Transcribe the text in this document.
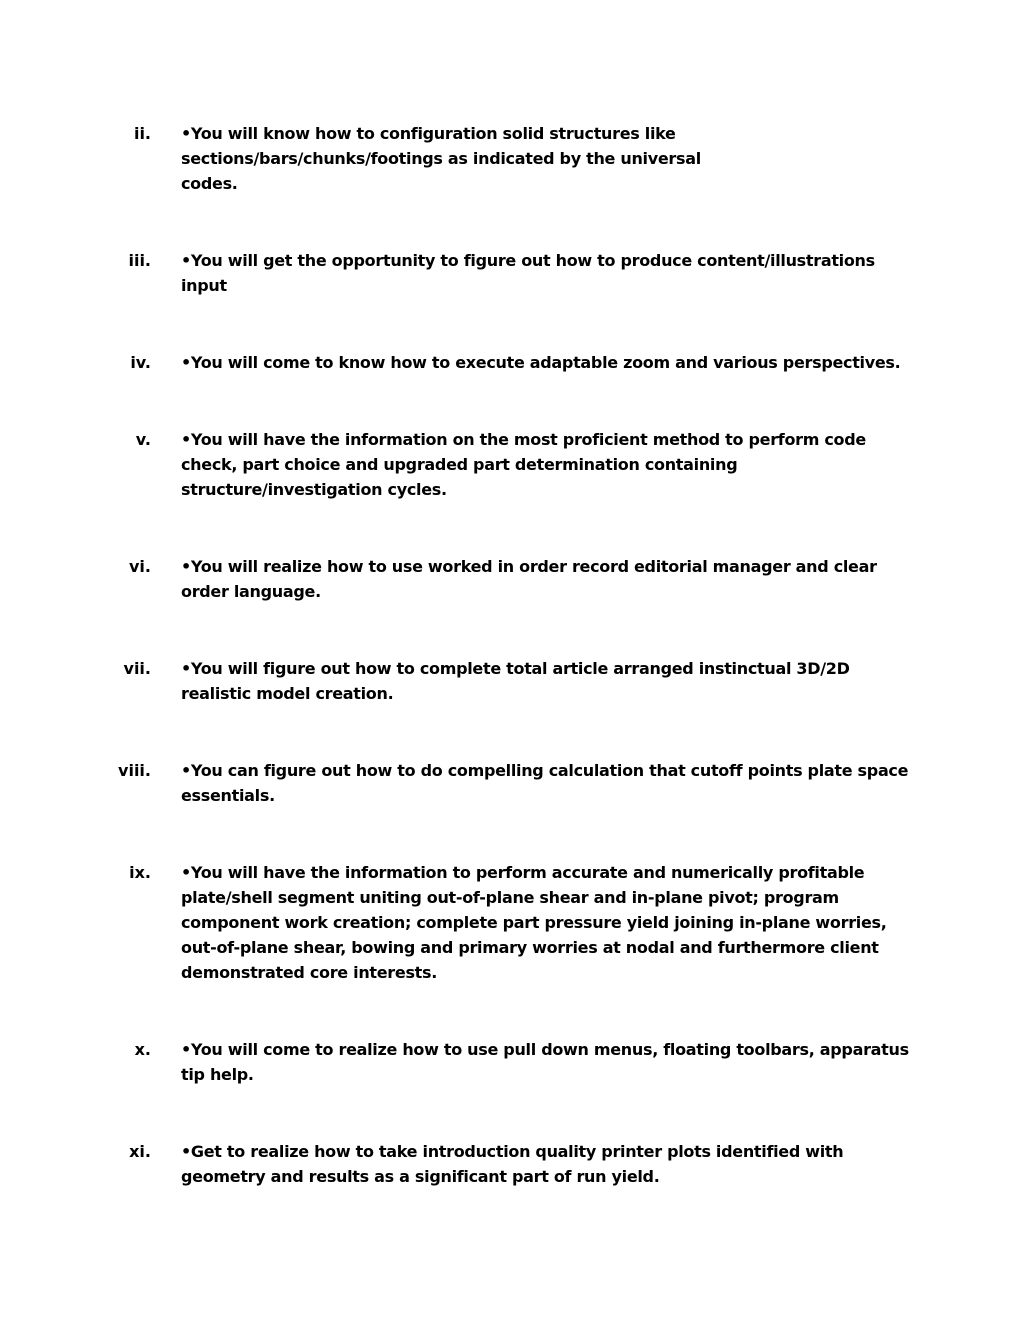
ii. •You will know how to configuration solid structures like sections/bars/chunks/footings as indicated by the universal codes.
iii. •You will get the opportunity to figure out how to produce content/illustrations input
iv. •You will come to know how to execute adaptable zoom and various perspectives.
v. •You will have the information on the most proficient method to perform code check, part choice and upgraded part determination containing structure/investigation cycles.
vi. •You will realize how to use worked in order record editorial manager and clear order language.
vii. •You will figure out how to complete total article arranged instinctual 3D/2D realistic model creation.
viii. •You can figure out how to do compelling calculation that cutoff points plate space essentials.
ix. •You will have the information to perform accurate and numerically profitable plate/shell segment uniting out-of-plane shear and in-plane pivot; program component work creation; complete part pressure yield joining in-plane worries, out-of-plane shear, bowing and primary worries at nodal and furthermore client demonstrated core interests.
x. •You will come to realize how to use pull down menus, floating toolbars, apparatus tip help.
xi. •Get to realize how to take introduction quality printer plots identified with geometry and results as a significant part of run yield.
